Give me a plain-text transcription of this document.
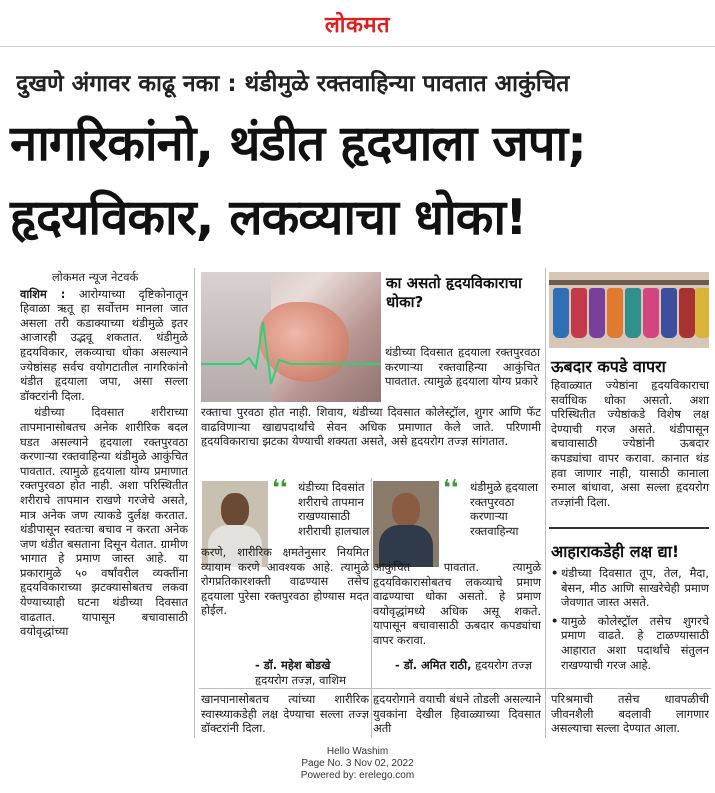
लोकमत
दुखणे अंगावर काढू नका : थंडीमुळे रक्तवाहिन्या पावतात आकुंचित
नागरिकांनो, थंडीत हृदयाला जपा;
हृदयविकार, लकव्याचा धोका!

लोकमत न्यूज नेटवर्क

वाशिम : आरोग्याच्या दृष्टिकोनातून हिवाळा ऋतू हा सर्वोत्तम मानला जात असला तरी कडाक्याच्या थंडीमुळे इतर आजारही उद्भवू शकतात. थंडीमुळे हृदयविकार, लकव्याचा धोका असल्याने ज्येष्ठांसह सर्वच वयोगटातील नागरिकांनो थंडीत हृदयाला जपा, असा सल्ला डॉक्टरांनी दिला.

थंडीच्या दिवसात शरीराच्या तापमानासोबतच अनेक शारीरिक बदल घडत असल्याने हृदयाला रक्तपुरवठा करणाऱ्या रक्तवाहिन्या थंडीमुळे आकुंचित पावतात. त्यामुळे हृदयाला योग्य प्रमाणात रक्तपुरवठा होत नाही. अशा परिस्थितीत शरीराचे तापमान राखणे गरजेचे असते, मात्र अनेक जण त्याकडे दुर्लक्ष करतात. थंडीपासून स्वतःचा बचाव न करता अनेक जण थंडीत बसताना दिसून येतात. ग्रामीण भागात हे प्रमाण जास्त आहे. या प्रकारामुळे ५० वर्षांवरील व्यक्तींना हृदयविकाराच्या झटक्यासोबतच लकवा येण्याच्याही घटना थंडीच्या दिवसात वाढतात. यापासून बचावासाठी वयोवृद्धांच्या

का असतो हृदयविकाराचा धोका?
थंडीच्या दिवसात हृदयाला रक्तपुरवठा करणाऱ्या रक्तवाहिन्या आकुंचित पावतात. त्यामुळे हृदयाला योग्य प्रकारे
रक्ताचा पुरवठा होत नाही. शिवाय, थंडीच्या दिवसात कोलेस्ट्रॉल, शुगर आणि फॅट वाढविणाऱ्या खाद्यपदार्थांचे सेवन अधिक प्रमाणात केले जाते. परिणामी हृदयविकाराचा झटका येण्याची शक्यता असते, असे हृदयरोग तज्ज्ञ सांगतात.
ऊबदार कपडे वापरा
हिवाळ्यात ज्येष्ठांना हृदयविकाराचा सर्वाधिक धोका असतो. अशा परिस्थितीत ज्येष्ठांकडे विशेष लक्ष देण्याची गरज असते. थंडीपासून बचावासाठी ज्येष्ठांनी ऊबदार कपड्यांचा वापर करावा. कानात थंड हवा जाणार नाही, यासाठी कानाला रुमाल बांधावा, असा सल्ला हृदयरोग तज्ज्ञांनी दिला.
आहाराकडेही लक्ष द्या!
• थंडीच्या दिवसात तूप, तेल, मैदा, बेसन, मीठ आणि साखरेचेही प्रमाण जेवणात जास्त असते.
• यामुळे कोलेस्ट्रॉल तसेच शुगरचे प्रमाण वाढते. हे टाळण्यासाठी आहारात अशा पदार्थांचे संतुलन राखण्याची गरज आहे.
❛❛ थंडीच्या दिवसांत शरीराचे तापमान राखण्यासाठी शरीराची हालचाल
करणे, शारीरिक क्षमतेनुसार नियमित व्यायाम करणे आवश्यक आहे. त्यामुळे रोगप्रतिकारशक्ती वाढण्यास तसेच हृदयाला पुरेसा रक्तपुरवठा होण्यास मदत होईल.
- डॉ. महेश बोडखे
हृदयरोग तज्ज्ञ, वाशिम
❛❛ थंडीमुळे हृदयाला रक्तपुरवठा करणाऱ्या रक्तवाहिन्या
आकुंचित पावतात. त्यामुळे हृदयविकारासोबतच लकव्याचे प्रमाण वाढण्याचा धोका असतो. हे प्रमाण वयोवृद्धांमध्ये अधिक असू शकते. यापासून बचावासाठी ऊबदार कपड्यांचा वापर करावा.
- डॉ. अमित राठी, हृदयरोग तज्ज्ञ
खानपानासोबतच त्यांच्या शारीरिक स्वास्थ्याकडेही लक्ष देण्याचा सल्ला तज्ज्ञ डॉक्टरांनी दिला.
हृदयरोगाने वयाची बंधने तोडली असल्याने युवकांना देखील हिवाळ्याच्या दिवसात अती
परिश्रमाची तसेच धावपळीची जीवनशैली बदलावी लागणार असल्याचा सल्ला देण्यात आला.
Hello Washim
Page No. 3 Nov 02, 2022
Powered by: erelego.com
